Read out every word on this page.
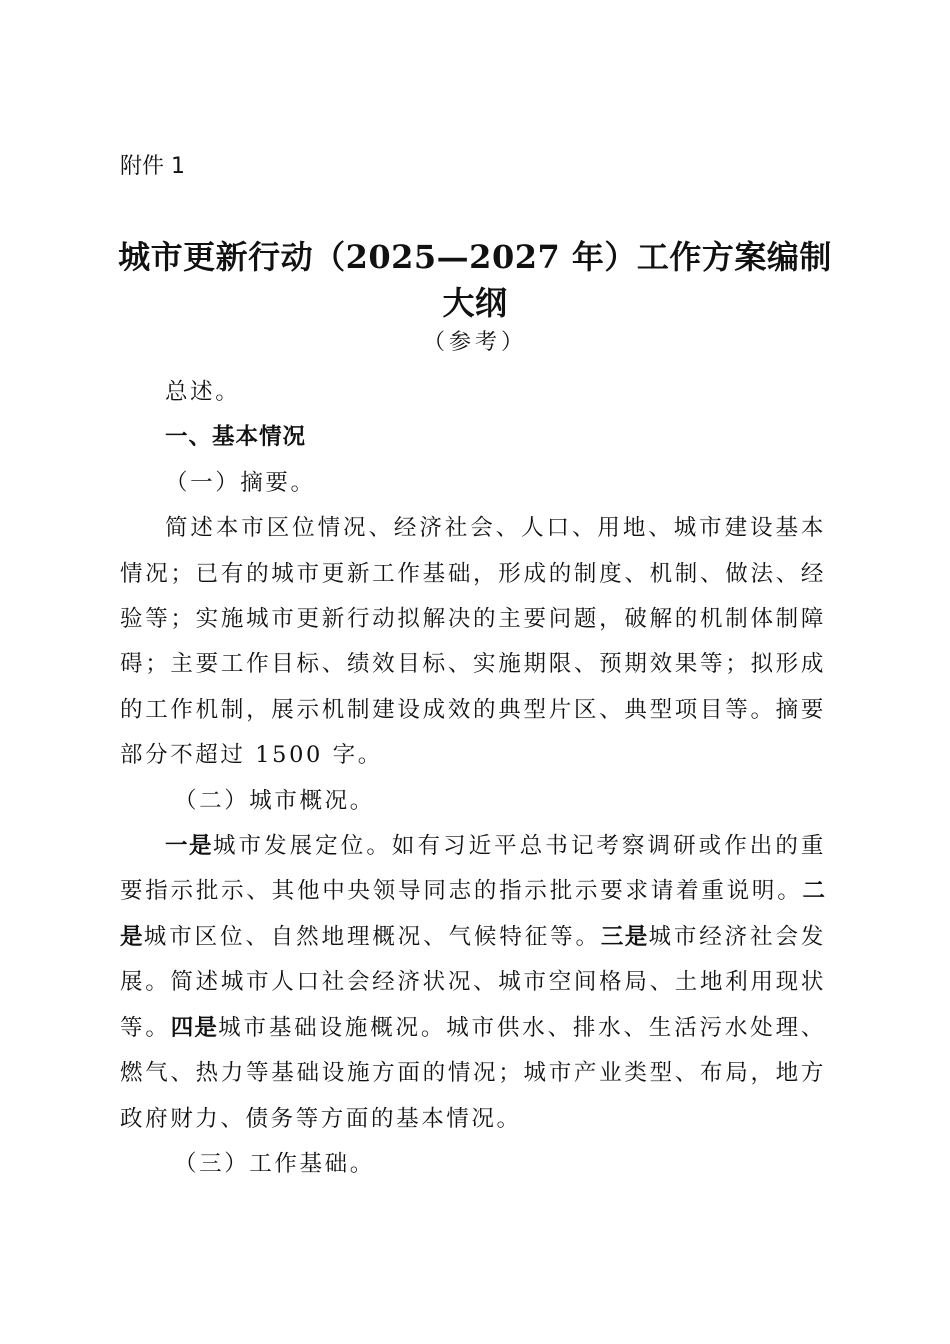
附件 1
城市更新行动（2025—2027 年）工作方案编制大纲
（参考）

总述。

一、基本情况

（一）摘要。

简述本市区位情况、经济社会、人口、用地、城市建设基本情况；已有的城市更新工作基础，形成的制度、机制、做法、经验等；实施城市更新行动拟解决的主要问题，破解的机制体制障碍；主要工作目标、绩效目标、实施期限、预期效果等；拟形成的工作机制，展示机制建设成效的典型片区、典型项目等。摘要部分不超过 1500 字。

（二）城市概况。

一是城市发展定位。如有习近平总书记考察调研或作出的重要指示批示、其他中央领导同志的指示批示要求请着重说明。二是城市区位、自然地理概况、气候特征等。三是城市经济社会发展。简述城市人口社会经济状况、城市空间格局、土地利用现状等。四是城市基础设施概况。城市供水、排水、生活污水处理、燃气、热力等基础设施方面的情况；城市产业类型、布局，地方政府财力、债务等方面的基本情况。

（三）工作基础。
